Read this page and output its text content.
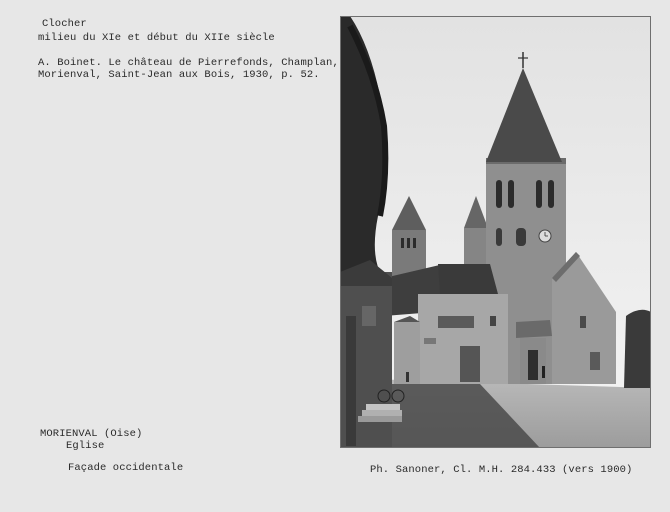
Clocher
milieu du XIe et début du XIIe siècle
A. Boinet. Le château de Pierrefonds, Champlan,
Morienval, Saint-Jean aux Bois, 1930, p. 52.
MORIENVAL (Oise)
Eglise
Façade occidentale	Ph. Sanoner, Cl. M.H. 284.433 (vers 1900)
